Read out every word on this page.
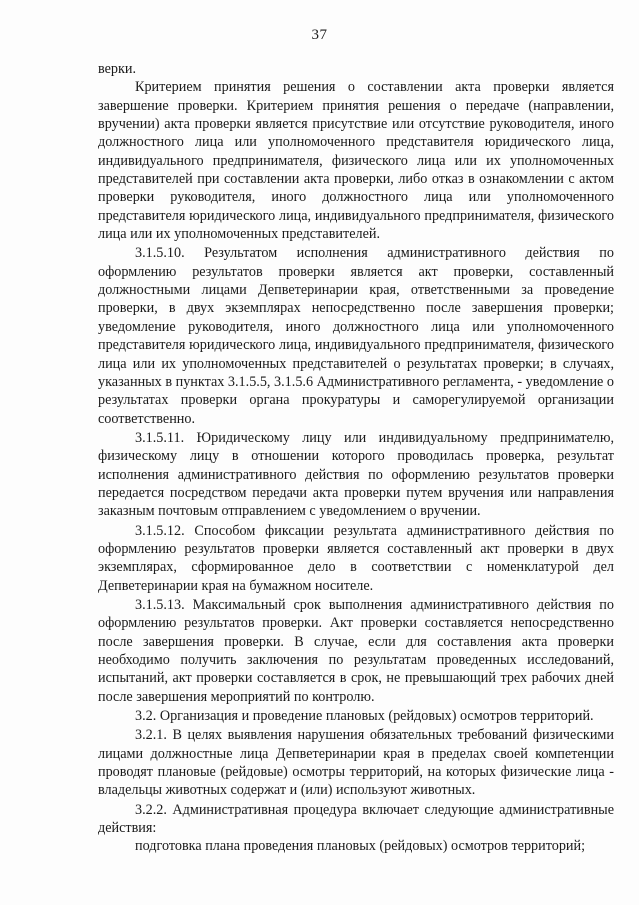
37

верки.

Критерием принятия решения о составлении акта проверки является завершение проверки. Критерием принятия решения о передаче (направлении, вручении) акта проверки является присутствие или отсутствие руководителя, иного должностного лица или уполномоченного представителя юридического лица, индивидуального предпринимателя, физического лица или их уполномоченных представителей при составлении акта проверки, либо отказ в ознакомлении с актом проверки руководителя, иного должностного лица или уполномоченного представителя юридического лица, индивидуального предпринимателя, физического лица или их уполномоченных представителей.

3.1.5.10. Результатом исполнения административного действия по оформлению результатов проверки является акт проверки, составленный должностными лицами Депветеринарии края, ответственными за проведение проверки, в двух экземплярах непосредственно после завершения проверки; уведомление руководителя, иного должностного лица или уполномоченного представителя юридического лица, индивидуального предпринимателя, физического лица или их уполномоченных представителей о результатах проверки; в случаях, указанных в пунктах 3.1.5.5, 3.1.5.6 Административного регламента, - уведомление о результатах проверки органа прокуратуры и саморегулируемой организации соответственно.

3.1.5.11. Юридическому лицу или индивидуальному предпринимателю, физическому лицу в отношении которого проводилась проверка, результат исполнения административного действия по оформлению результатов проверки передается посредством передачи акта проверки путем вручения или направления заказным почтовым отправлением с уведомлением о вручении.

3.1.5.12. Способом фиксации результата административного действия по оформлению результатов проверки является составленный акт проверки в двух экземплярах, сформированное дело в соответствии с номенклатурой дел Депветеринарии края на бумажном носителе.

3.1.5.13. Максимальный срок выполнения административного действия по оформлению результатов проверки. Акт проверки составляется непосредственно после завершения проверки. В случае, если для составления акта проверки необходимо получить заключения по результатам проведенных исследований, испытаний, акт проверки составляется в срок, не превышающий трех рабочих дней после завершения мероприятий по контролю.

3.2. Организация и проведение плановых (рейдовых) осмотров территорий.

3.2.1. В целях выявления нарушения обязательных требований физическими лицами должностные лица Депветеринарии края в пределах своей компетенции проводят плановые (рейдовые) осмотры территорий, на которых физические лица - владельцы животных содержат и (или) используют животных.

3.2.2. Административная процедура включает следующие административные действия:

подготовка плана проведения плановых (рейдовых) осмотров территорий;
